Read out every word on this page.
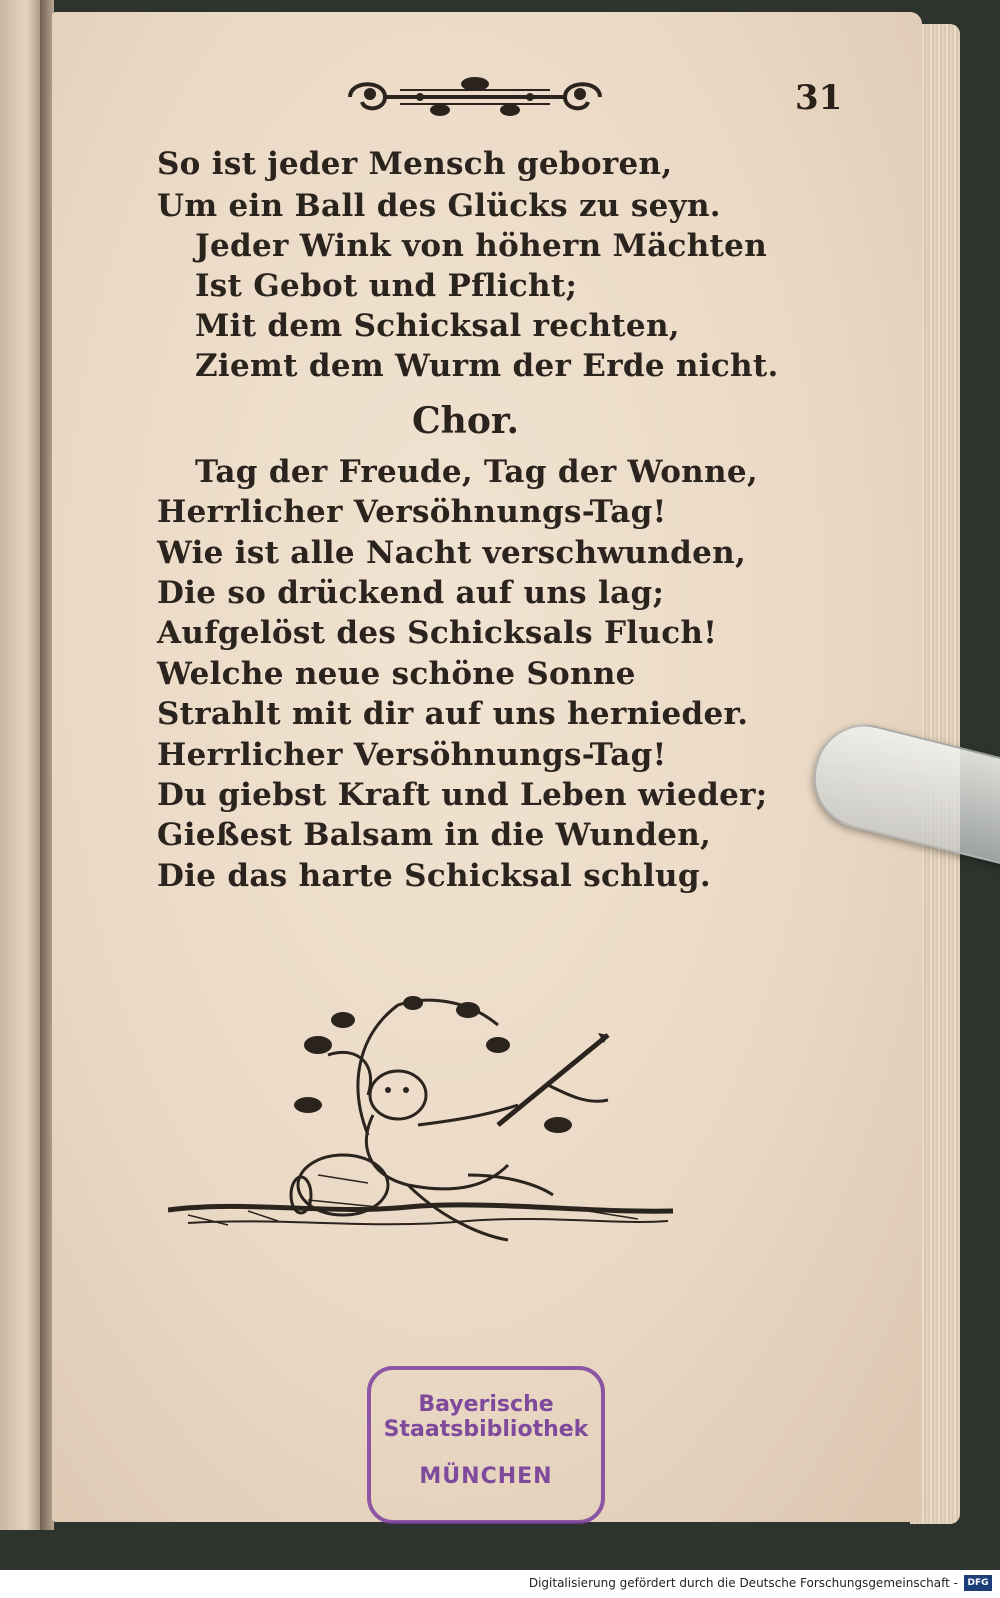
31
So ist jeder Mensch geboren,
Um ein Ball des Glücks zu seyn.
Jeder Wink von höhern Mächten
Ist Gebot und Pflicht;
Mit dem Schicksal rechten,
Ziemt dem Wurm der Erde nicht.
Chor.
Tag der Freude, Tag der Wonne,
Herrlicher Versöhnungs-Tag!
Wie ist alle Nacht verschwunden,
Die so drückend auf uns lag;
Aufgelöst des Schicksals Fluch!
Welche neue schöne Sonne
Strahlt mit dir auf uns hernieder.
Herrlicher Versöhnungs-Tag!
Du giebst Kraft und Leben wieder;
Gießest Balsam in die Wunden,
Die das harte Schicksal schlug.
Bayerische
Staatsbibliothek
MÜNCHEN
Digitalisierung gefördert durch die Deutsche Forschungsgemeinschaft -	DFG
